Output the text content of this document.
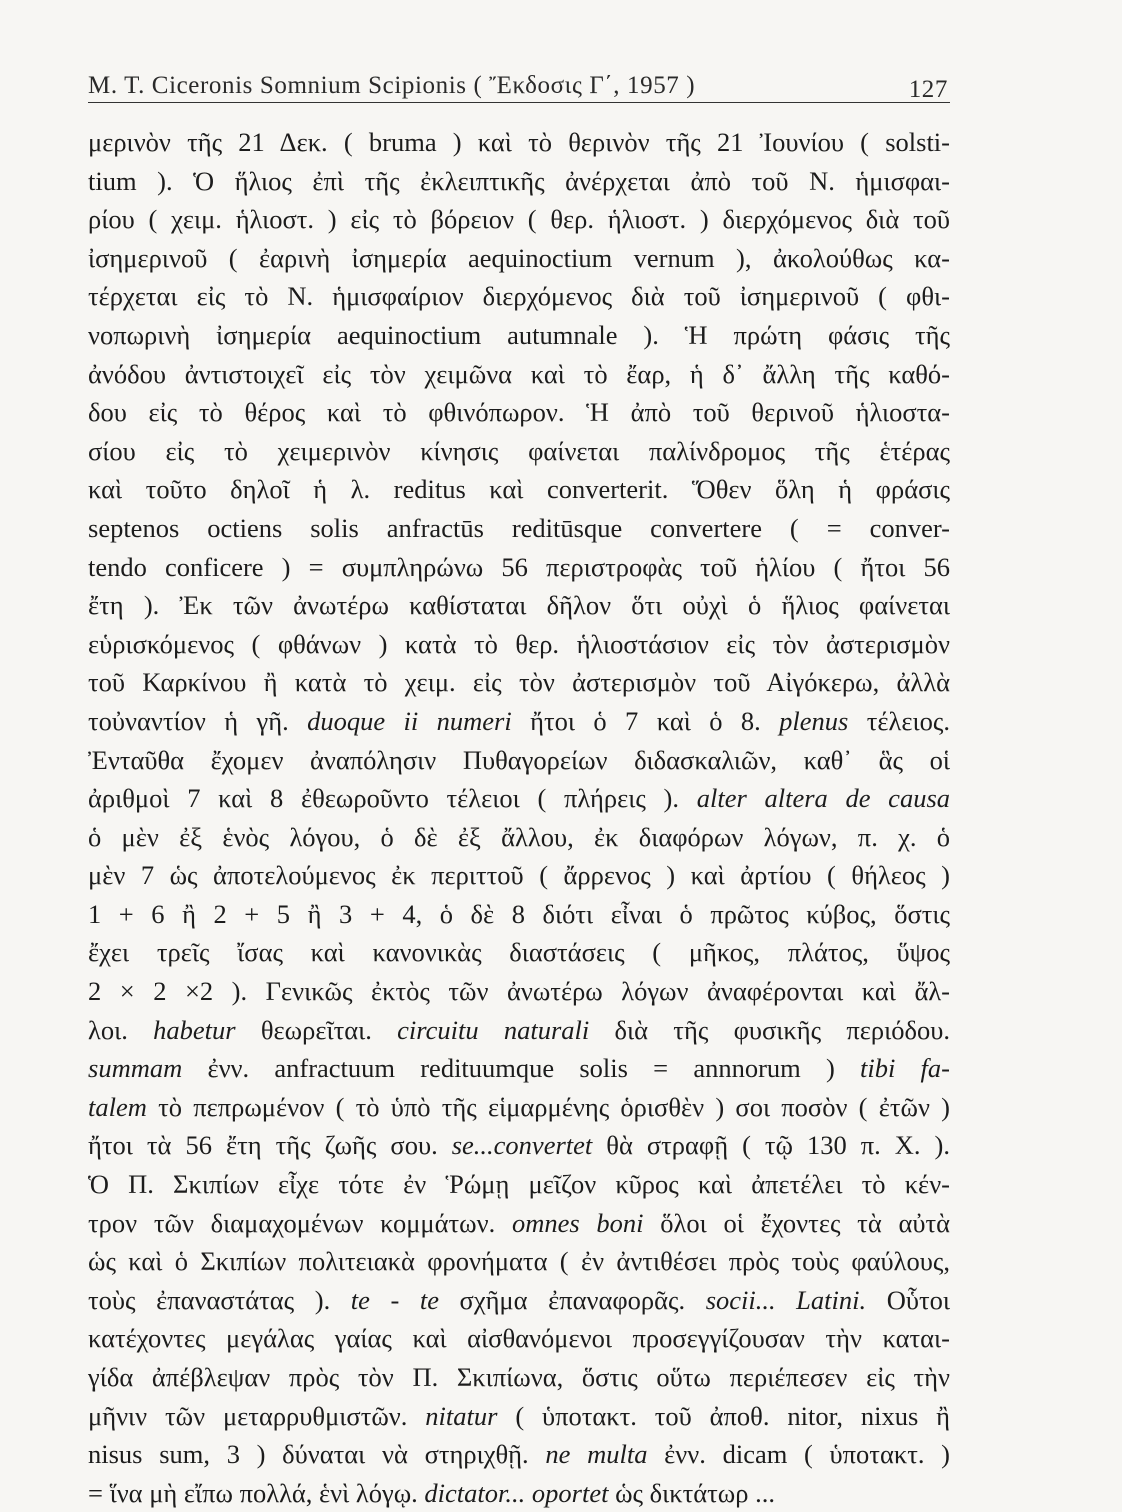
M. T. Ciceronis Somnium Scipionis ( Ἔκδοσις Γ΄, 1957 )	127
μερινὸν τῆς 21 Δεκ. ( bruma ) καὶ τὸ θερινὸν τῆς 21 Ἰουνίου ( solsti-
tium ). Ὁ ἥλιος ἐπὶ τῆς ἐκλειπτικῆς ἀνέρχεται ἀπὸ τοῦ Ν. ἡμισφαι-
ρίου ( χειμ. ἡλιοστ. ) εἰς τὸ βόρειον ( θερ. ἡλιοστ. ) διερχόμενος διὰ τοῦ
ἰσημερινοῦ ( ἐαρινὴ ἰσημερία aequinoctium vernum ), ἀκολούθως κα-
τέρχεται εἰς τὸ Ν. ἡμισφαίριον διερχόμενος διὰ τοῦ ἰσημερινοῦ ( φθι-
νοπωρινὴ ἰσημερία aequinoctium autumnale ). Ἡ πρώτη φάσις τῆς
ἀνόδου ἀντιστοιχεῖ εἰς τὸν χειμῶνα καὶ τὸ ἔαρ, ἡ δ᾽ ἄλλη τῆς καθό-
δου εἰς τὸ θέρος καὶ τὸ φθινόπωρον. Ἡ ἀπὸ τοῦ θερινοῦ ἡλιοστα-
σίου εἰς τὸ χειμερινὸν κίνησις φαίνεται παλίνδρομος τῆς ἑτέρας
καὶ τοῦτο δηλοῖ ἡ λ. reditus καὶ converterit. Ὅθεν ὅλη ἡ φράσις
septenos octiens solis anfractūs reditūsque convertere ( = conver-
tendo conficere ) = συμπληρώνω 56 περιστροφὰς τοῦ ἡλίου ( ἤτοι 56
ἔτη ). Ἐκ τῶν ἀνωτέρω καθίσταται δῆλον ὅτι οὐχὶ ὁ ἥλιος φαίνεται
εὑρισκόμενος ( φθάνων ) κατὰ τὸ θερ. ἡλιοστάσιον εἰς τὸν ἀστερισμὸν
τοῦ Καρκίνου ἢ κατὰ τὸ χειμ. εἰς τὸν ἀστερισμὸν τοῦ Αἰγόκερω, ἀλλὰ
τοὐναντίον ἡ γῆ. duoque ii numeri ἤτοι ὁ 7 καὶ ὁ 8. plenus τέλειος.
Ἐνταῦθα ἔχομεν ἀναπόλησιν Πυθαγορείων διδασκαλιῶν, καθ᾽ ἃς οἱ
ἀριθμοὶ 7 καὶ 8 ἐθεωροῦντο τέλειοι ( πλήρεις ). alter altera de causa
ὁ μὲν ἐξ ἑνὸς λόγου, ὁ δὲ ἐξ ἄλλου, ἐκ διαφόρων λόγων, π. χ. ὁ
μὲν 7 ὡς ἀποτελούμενος ἐκ περιττοῦ ( ἄρρενος ) καὶ ἀρτίου ( θήλεος )
1 + 6 ἢ 2 + 5 ἢ 3 + 4, ὁ δὲ 8 διότι εἶναι ὁ πρῶτος κύβος, ὅστις
ἔχει τρεῖς ἴσας καὶ κανονικὰς διαστάσεις ( μῆκος, πλάτος, ὕψος
2 × 2 ×2 ). Γενικῶς ἐκτὸς τῶν ἀνωτέρω λόγων ἀναφέρονται καὶ ἄλ-
λοι. habetur θεωρεῖται. circuitu naturali διὰ τῆς φυσικῆς περιόδου.
summam ἐνν. anfractuum redituumque solis = annnorum ) tibi fa-
talem τὸ πεπρωμένον ( τὸ ὑπὸ τῆς εἱμαρμένης ὁρισθὲν ) σοι ποσὸν ( ἐτῶν )
ἤτοι τὰ 56 ἔτη τῆς ζωῆς σου. se...convertet θὰ στραφῇ ( τῷ 130 π. Χ. ).
Ὁ Π. Σκιπίων εἶχε τότε ἐν Ῥώμῃ μεῖζον κῦρος καὶ ἀπετέλει τὸ κέν-
τρον τῶν διαμαχομένων κομμάτων. omnes boni ὅλοι οἱ ἔχοντες τὰ αὐτὰ
ὡς καὶ ὁ Σκιπίων πολιτειακὰ φρονήματα ( ἐν ἀντιθέσει πρὸς τοὺς φαύλους,
τοὺς ἐπαναστάτας ). te - te σχῆμα ἐπαναφορᾶς. socii... Latini. Οὗτοι
κατέχοντες μεγάλας γαίας καὶ αἰσθανόμενοι προσεγγίζουσαν τὴν καται-
γίδα ἀπέβλεψαν πρὸς τὸν Π. Σκιπίωνα, ὅστις οὕτω περιέπεσεν εἰς τὴν
μῆνιν τῶν μεταρρυθμιστῶν. nitatur ( ὑποτακτ. τοῦ ἀποθ. nitor, nixus ἢ
nisus sum, 3 ) δύναται νὰ στηριχθῇ. ne multa ἐνν. dicam ( ὑποτακτ. )
= ἵνα μὴ εἴπω πολλά, ἑνὶ λόγῳ. dictator... oportet ὡς δικτάτωρ ...
